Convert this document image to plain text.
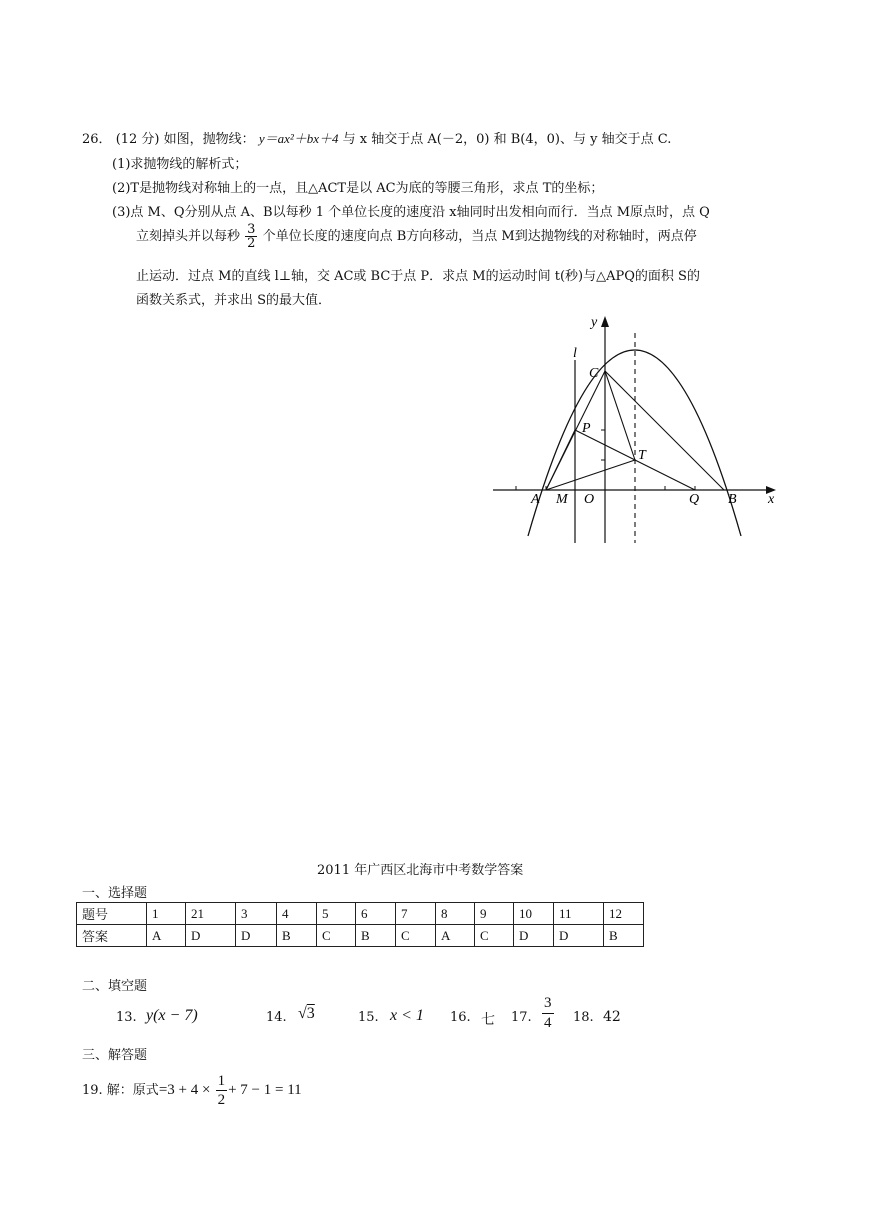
26． (12 分) 如图，抛物线： y＝ax²＋bx＋4 与 x 轴交于点 A(－2，0) 和 B(4，0)、与 y 轴交于点 C.
(1)求抛物线的解析式；
(2)T是抛物线对称轴上的一点，且△ACT是以 AC为底的等腰三角形，求点 T的坐标；
(3)点 M、Q分别从点 A、B以每秒 1 个单位长度的速度沿 x轴同时出发相向而行．当点 M原点时，点 Q
立刻掉头并以每秒 $\frac{3}{2}$ 个单位长度的速度向点 B方向移动，当点 M到达抛物线的对称轴时，两点停
止运动．过点 M的直线 l⊥轴，交 AC或 BC于点 P．求点 M的运动时间 t(秒)与△APQ的面积 S的
函数关系式，并求出 S的最大值．
y
x
l
C
P
T
A M O	Q B
2011 年广西区北海市中考数学答案
一、选择题
题号	1	21	3	4	5	6	7	8	9	10	11	12
答案	A	D	D	B	C	B	C	A	C	D	D	B
二、填空题
13. y(x − 7)	14. √3	15. x < 1 16. 七 17. $\frac{3}{4} 18$. 42
三、解答题
19. 解：原式$=3 + 4 \times \frac{1}{2} + 7 - 1 = 11$
